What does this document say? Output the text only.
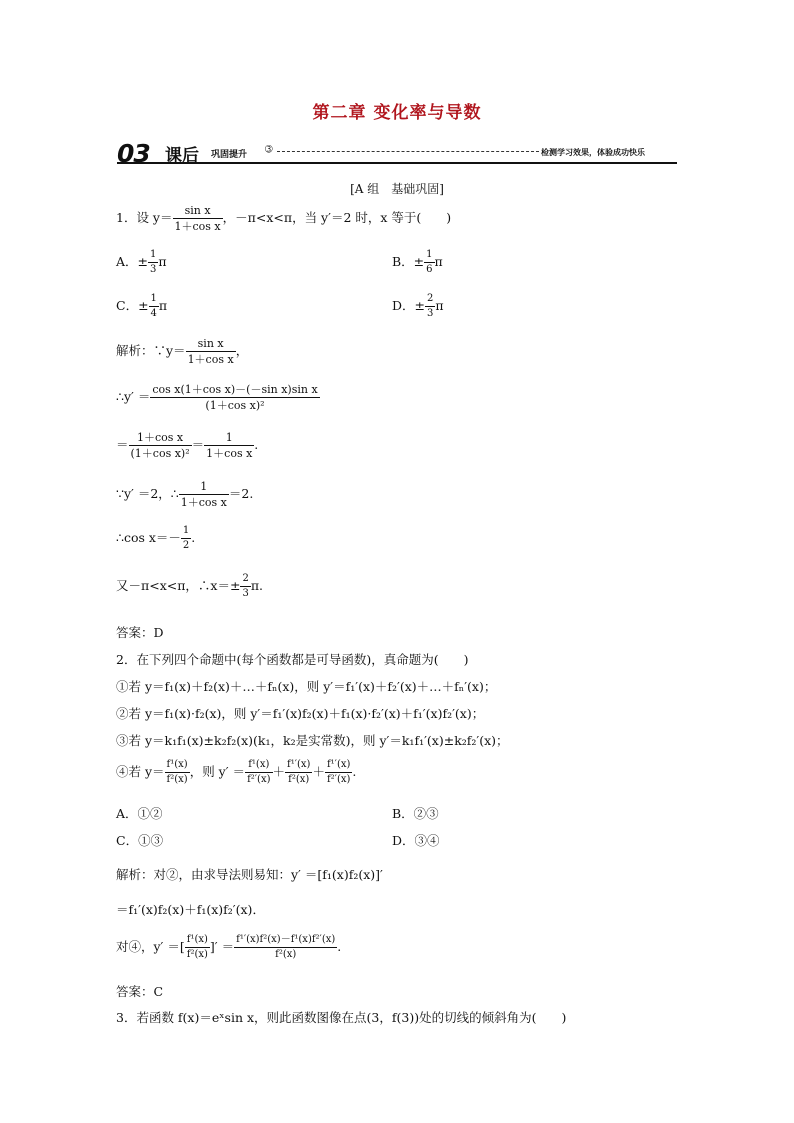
第二章 变化率与导数
03 课后 巩固提升 ➂	检测学习效果，体验成功快乐
[A 组　基础巩固]
1．设 $y= \frac{\text{sin x}}{\text{1＋cos x}}$ ，－π<x<π，当 y′＝2 时，x 等于(　　)
A．± $\frac{1}{3}$ π	B．± $\frac{1}{6}$ π
C．± $\frac{1}{4}$ π	D．± $\frac{2}{3}$ π
解析：∵y＝ $\frac{\text{sin x}}{\text{1＋cos x}}$ ，
∴y′ ＝ $\frac{\text{cos x(1＋cos x)－(－sin x)sin x}}{\text{(1＋cos x)²}}$
＝ $\frac{\text{1＋cos x}}{\text{(1＋cos x)²}} = \frac{1}{\text{1＋cos x}}$ .
∵y′ ＝2，∴ $\frac{1}{\text{1＋cos x}} =2$.
∴cos $x=- \frac{1}{2}$ .
又－π<x<π，∴x＝± $\frac{2}{3} \pi$.
答案：D
2．在下列四个命题中(每个函数都是可导函数)，真命题为(　　)
①若 y＝f₁(x)＋f₂(x)＋…＋fₙ(x)，则 y′＝f₁′(x)＋f₂′(x)＋…＋fₙ′(x)；
②若 y＝f₁(x)·f₂(x)，则 y′＝f₁′(x)f₂(x)＋f₁(x)·f₂′(x)＋f₁′(x)f₂′(x)；
③若 y＝k₁f₁(x)±k₂f₂(x)(k₁，k₂是实常数)，则 y′＝k₁f₁′(x)±k₂f₂′(x)；
④若 $y= \frac{\text{f¹(x)}}{\text{f²(x)}}$ ，则 $y' = \frac{\text{f¹(x)}}{\text{f²′(x)}} + \frac{\text{f¹′(x)}}{\text{f²(x)}} + \frac{\text{f¹′(x)}}{\text{f²′(x)}}$ .
A．①②	B．②③
C．①③	D．③④
解析：对②，由求导法则易知：y′ ＝[f₁(x)f₂(x)]′
＝f₁′(x)f₂(x)＋f₁(x)f₂′(x)．
对④，y′ ＝[ $\frac{\text{f¹(x)}}{\text{f²(x)}}$ ]′ ＝ $\frac{\text{f¹′(x)f²(x)－f¹(x)f²′(x)}}{\text{f²(x)}}$ .
答案：C
3．若函数 f(x)＝eˣsin x，则此函数图像在点(3，f(3))处的切线的倾斜角为(　　)
